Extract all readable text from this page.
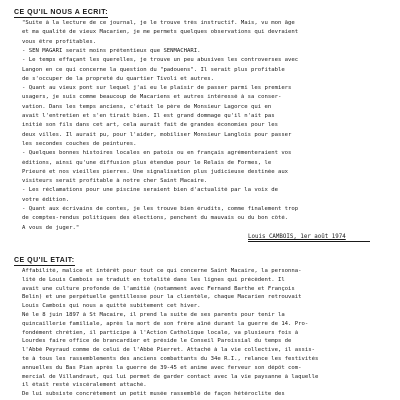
CE QU'IL NOUS A ECRIT:
"Suite à la lecture de ce journal, je le trouve très instructif. Mais, vu mon âge
et ma qualité de vieux Macarien, je me permets quelques observations qui devraient
vous être profitables.
- SEN MAGARI serait moins prétentieux que SENMACHARI.
- Le temps effaçant les querelles, je trouve un peu abusives les controverses avec
Langon en ce qui concerne la question du "padouens". Il serait plus profitable
de s'occuper de la propreté du quartier Tivoli et autres.
- Quant au vieux pont sur lequel j'ai eu le plaisir de passer parmi les premiers
usagers, je suis comme beaucoup de Macariens et autres intéressé à sa conser-
vation. Dans les temps anciens, c'était le père de Monsieur Lagorce qui en
avait l'entretien et s'en tirait bien. Il est grand dommage qu'il n'ait pas
initié son fils dans cet art, cela aurait fait de grandes économies pour les
deux villes. Il aurait pu, pour l'aider, mobiliser Monsieur Langlois pour passer
les secondes couches de peintures.
- Quelques bonnes histoires locales en patois ou en français agrémenteraient vos
éditions, ainsi qu'une diffusion plus étendue pour le Relais de Formes, le
Prieuré et nos vieilles pierres. Une signalisation plus judicieuse destinée aux
visiteurs serait profitable à notre cher Saint Macaire.
- Les réclamations pour une piscine seraient bien d'actualité par la voix de
votre édition.
- Quant aux écrivains de contes, je les trouve bien érudits, comme finalement trop
de comptes-rendus politiques des élections, penchent du mauvais ou du bon côté.
A vous de juger."
Louis CAMBOIS, 1er août 1974
CE QU'IL ETAIT:
Affabilité, malice et intérêt pour tout ce qui concerne Saint Macaire, la personna-
lité de Louis Cambois se traduit en totalité dans les lignes qui précèdent. Il
avait une culture profonde de l'amitié (notamment avec Fernand Barthe et François
Belin) et une perpétuelle gentillesse pour la clientèle, chaque Macarien retrouvait
Louis Cambois qui nous a quitté subitement cet hiver.
Né le 8 juin 1897 à St Macaire, il prend la suite de ses parents pour tenir la
quincaillerie familiale, après la mort de son frère aîné durant la guerre de 14. Pro-
fondément chrétien, il participe à l'Action Catholique locale, va plusieurs fois à
Lourdes faire office de brancardier et préside le Conseil Paroissial du temps de
l'Abbé Peyraud comme de celui de l'Abbé Pierret. Attaché à la vie collective, il assis-
te à tous les rassemblements des anciens combattants du 34e R.I., relance les festivités
annuelles du Bas Pian après la guerre de 39-45 et anime avec ferveur son dépôt com-
mercial de Villandraut, qui lui permet de garder contact avec la vie paysanne à laquelle
il était resté viscéralement attaché.
De lui subsiste concrètement un petit musée rassemblé de façon hétéroclite des
